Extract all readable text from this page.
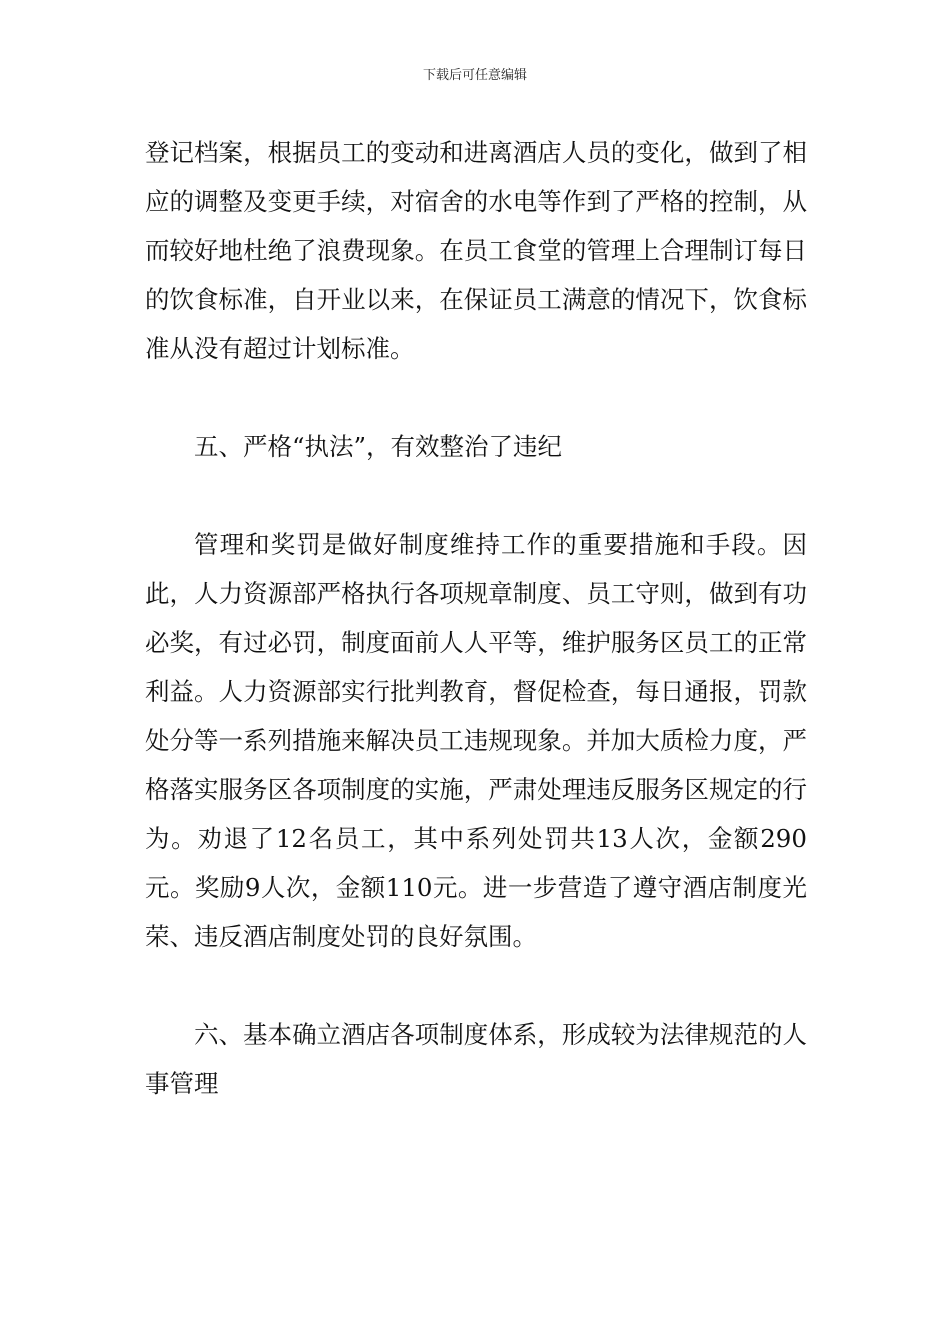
下载后可任意编辑

登记档案，根据员工的变动和进离酒店人员的变化，做到了相应的调整及变更手续，对宿舍的水电等作到了严格的控制，从而较好地杜绝了浪费现象。在员工食堂的管理上合理制订每日的饮食标准，自开业以来，在保证员工满意的情况下，饮食标准从没有超过计划标准。

五、严格“执法”，有效整治了违纪

管理和奖罚是做好制度维持工作的重要措施和手段。因此，人力资源部严格执行各项规章制度、员工守则，做到有功必奖，有过必罚，制度面前人人平等，维护服务区员工的正常利益。人力资源部实行批判教育，督促检查，每日通报，罚款处分等一系列措施来解决员工违规现象。并加大质检力度，严格落实服务区各项制度的实施，严肃处理违反服务区规定的行为。劝退了12名员工，其中系列处罚共13人次，金额290元。奖励9人次，金额110元。进一步营造了遵守酒店制度光荣、违反酒店制度处罚的良好氛围。

六、基本确立酒店各项制度体系，形成较为法律规范的人事管理
